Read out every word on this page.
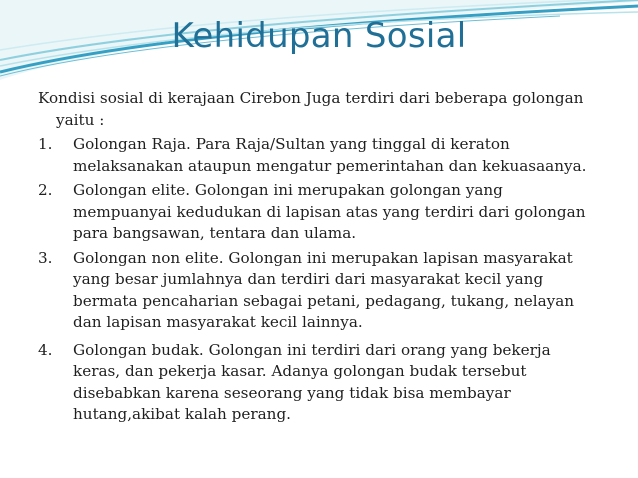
Kehidupan Sosial

Kondisi sosial di kerajaan Cirebon Juga terdiri dari beberapa golongan yaitu :

1.	Golongan Raja. Para Raja/Sultan yang tinggal di keraton melaksanakan ataupun mengatur pemerintahan dan kekuasaanya.
2.	Golongan elite. Golongan ini merupakan golongan yang mempuanyai kedudukan di lapisan atas yang terdiri dari golongan para bangsawan, tentara dan ulama.
3.	Golongan non elite. Golongan ini merupakan lapisan masyarakat yang besar jumlahnya dan terdiri dari masyarakat kecil yang bermata pencaharian sebagai petani, pedagang, tukang, nelayan dan lapisan masyarakat kecil lainnya.
4.	Golongan budak. Golongan ini terdiri dari orang yang bekerja keras, dan pekerja kasar. Adanya golongan budak tersebut disebabkan karena seseorang yang tidak bisa membayar hutang,akibat kalah perang.
